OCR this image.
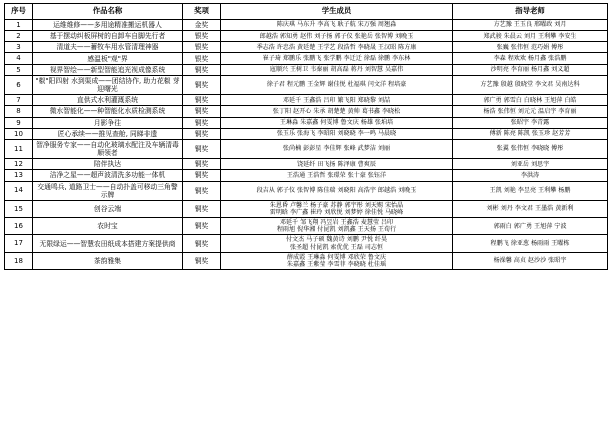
序号	作品名称	奖项	学生成员	指导老师
1	运维维修——多用途精准搬运机器人	金奖	陈庆琪 马东升 李高飞 耿子航 宋万强 周翘淼	方艺豫 王玉良 邢曜政 刘月

2	基于摆动纠板屏树的自卸车自脚先行者	银奖	郎越浩 郭知勇 赵伟 刘子扬 郭子仪 张艳岳 张智博 刘晚玉	郑武骏 朱晨云 刘月 王利攀 李安生

3	清道夫——蓄牧车用水管清理神器	银奖	季志浩 许忠浩 黄廷楚 王学艺 段浩哲 李晓晟 王汉昭 陈方康	张巍 张伟恒 范巧娟 傅彤

4	感温板"观"界	银奖	崔子琦 郑鹏乐 张鹏飞 张学鹏 李迁迁 徐磊 徐鹏 李东林	李森 程欢欢 杨月鑫 张浩鹏

5	视界智绘——新型智能追光视成像系统	铜奖	寇顺兴 王树卫 韦秦丽 胡高磊 蒋丹 刘智慧 吴嘉伟	沙明亮 李育丽 杨月鑫 刘义超

6	"椒"阳四射 水到渠成——团结协作, 助力花椒 芽迎曙光	铜奖	徐子君 程元鹏 王金辉 谢佳悦 杜福琪 闫文洋 程培豪	方艺豫 殷越 殷晓堂 李文君 吴南达科

7	直供式水利灌溉系统	铜奖	邓延千 王鑫浩 吕印 繁飞阳 郑晓黎 刘喆	郭广勇 郭雪白 白晓林 王旭萍 白皓

8	微水智能化——种智能化水质检测系统	铜奖	张丁阳 赵开心 朱承 胡楚楚 黄帅 葛书鑫 李晓松	杨浩 张伟恒 刘元元 温启宇 李育丽

9	月影争往	铜奖	王琳淼 朱嘉鑫 何雯博 鲁文庆 杨雄 张垍培	张昭宇 李青露

10	匠心承续——推见查舱, 同睇非遗	铜奖	张玉乐 张海飞 李昭阳 刘晓晓 李一鸣 马晨晓	傅新 陈亮 陈凯 张玉珍 赵芳芳

11	智净服务专家——自动化玻璃水配注及车辆清毒顺领者	铜奖	张尚楠 彭彭星 李佳辉 张峰 武梦洁 刘丽	张翼 张伟恒 李晓晓 傅彤

12	陪伴执达	铜奖	饶延纤 田飞扬 陈泽康 曹爽辰	刘亚岳 刘思宇

13	洁净之星——超声波清洗多功能一体机	铜奖	王浩通 王浩哲 张璟荣 张十豪 张钰洋	李洪涛

14	交通鸣兵, 道路卫士——自动扑盖可移动三角警示牌	铜奖	段吉从 郭子仪 张智博 陈佳瑞 刘晓阳 高浩宇 郎越浩 刘晚玉	王凯 刘艳 李昱亮 王利攀 杨鹏

15	创谷云端	铜奖	朱恩昏 卢馨兰 杨子豪 苏静 郭宇彤 刘天赐 宋怡晶
雷明晗 李广鑫 崔玲 刘欣悦 刘梦婷 徐佳悦 马晓峰	刘彬 刘丹 李文君 王墨浩 黄新利

16	农时宝	铜奖	邓延千 邹飞翔 冯昱岩 王鑫浩 麦慧莹 吕印
程雨旭 倪华湘 付昆凯 刘凯鑫 王天扬 王荀行	郭雨白 郭广勇 王旭萍 宁波

17	无限绿运——智慧农田纸成本搭建方案提供商	铜奖	付文杰 马子硕 魏黄诗 刘鹏 尹悦 纤昊
张圣超 付昆凯 索优优 王磊 司志恒	程鹏飞 徐亚葱 杨雨雨 王曜栋

18	茶韵雅集	铜奖	薛成霞 王琳淼 何雯博 邓欣荣 鲁文庆
朱嘉鑫 王紫莹 李雪菲 李晓晓 杜佳瑶	杨澡馨 高贞 赵沙沙 张昭宇
